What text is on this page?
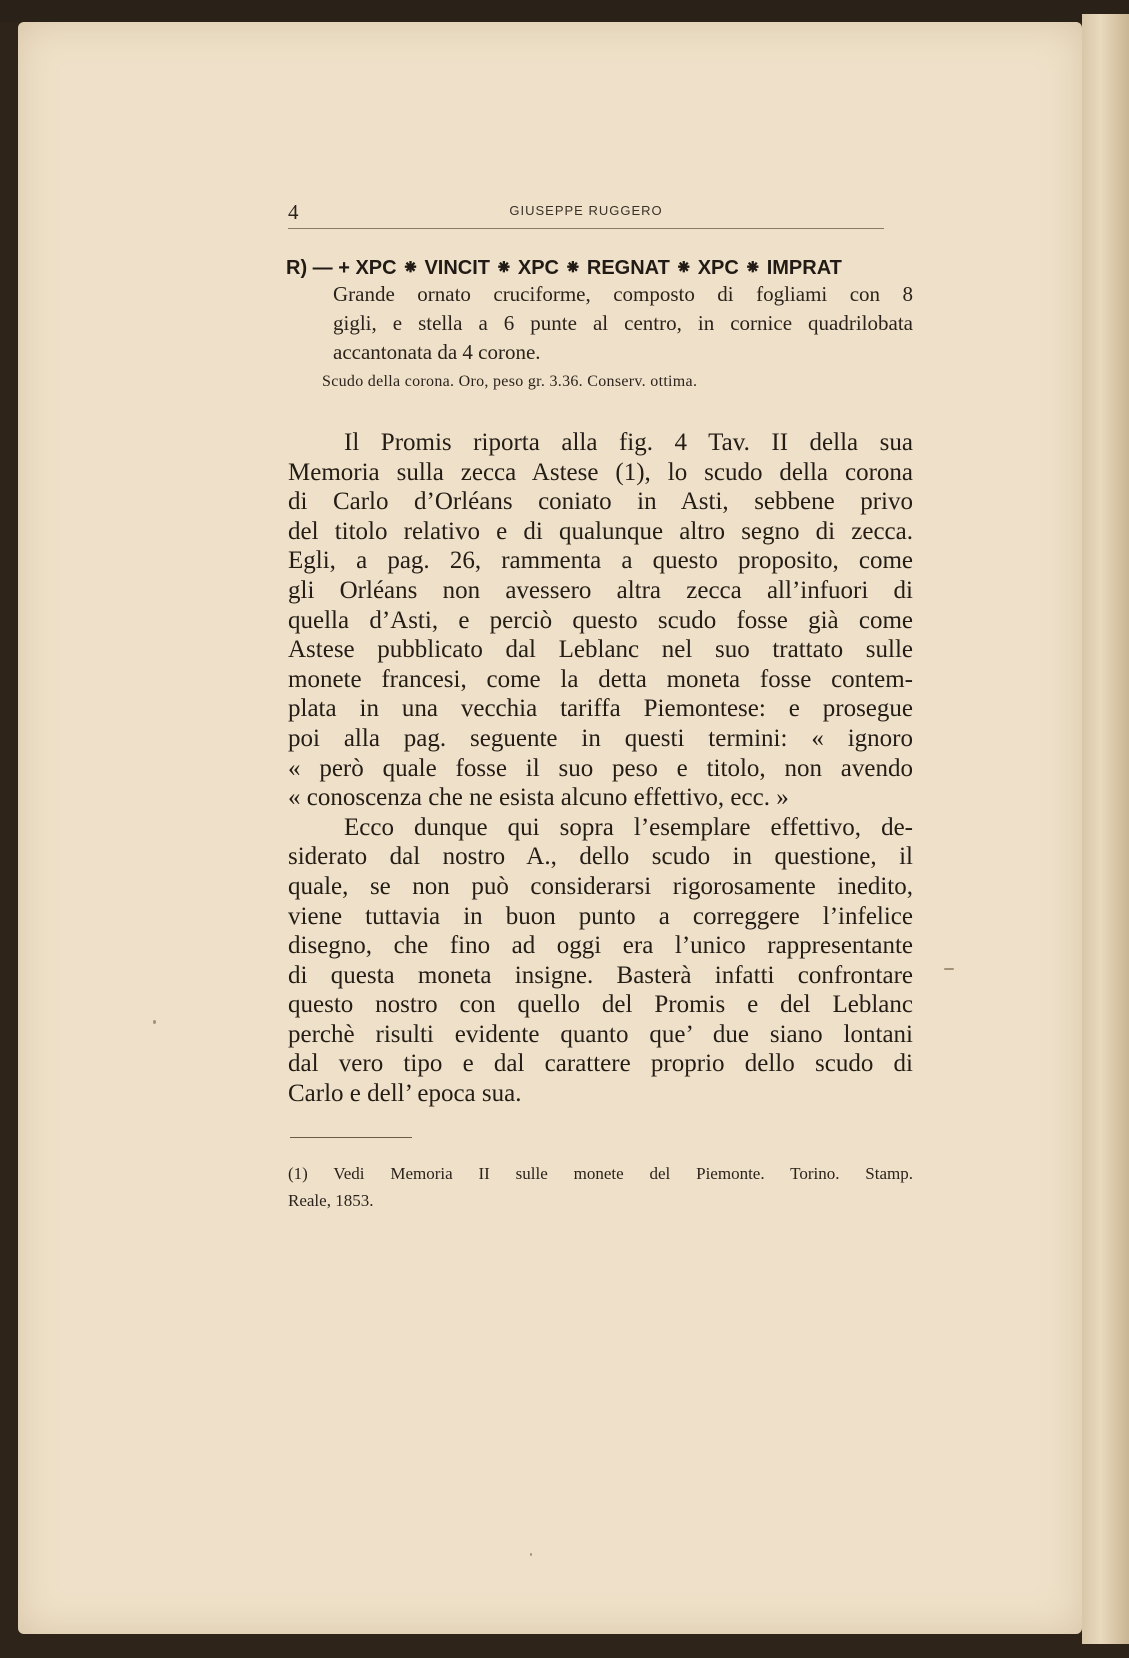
4	GIUSEPPE RUGGERO
R) — + XPC ⁕ VINCIT ⁕ XPC ⁕ REGNAT ⁕ XPC ⁕ IMPRAT
Grande ornato cruciforme, composto di fogliami con 8
gigli, e stella a 6 punte al centro, in cornice quadrilobata
accantonata da 4 corone.
Scudo della corona. Oro, peso gr. 3.36. Conserv. ottima.
Il Promis riporta alla fig. 4 Tav. II della sua
Memoria sulla zecca Astese (1), lo scudo della corona
di Carlo d’Orléans coniato in Asti, sebbene privo
del titolo relativo e di qualunque altro segno di zecca.
Egli, a pag. 26, rammenta a questo proposito, come
gli Orléans non avessero altra zecca all’infuori di
quella d’Asti, e perciò questo scudo fosse già come
Astese pubblicato dal Leblanc nel suo trattato sulle
monete francesi, come la detta moneta fosse contem-
plata in una vecchia tariffa Piemontese: e prosegue
poi alla pag. seguente in questi termini: « ignoro
« però quale fosse il suo peso e titolo, non avendo
« conoscenza che ne esista alcuno effettivo, ecc. »
Ecco dunque qui sopra l’esemplare effettivo, de-
siderato dal nostro A., dello scudo in questione, il
quale, se non può considerarsi rigorosamente inedito,
viene tuttavia in buon punto a correggere l’infelice
disegno, che fino ad oggi era l’unico rappresentante
di questa moneta insigne. Basterà infatti confrontare
questo nostro con quello del Promis e del Leblanc
perchè risulti evidente quanto que’ due siano lontani
dal vero tipo e dal carattere proprio dello scudo di
Carlo e dell’ epoca sua.
(1) Vedi Memoria II sulle monete del Piemonte. Torino. Stamp.
Reale, 1853.
